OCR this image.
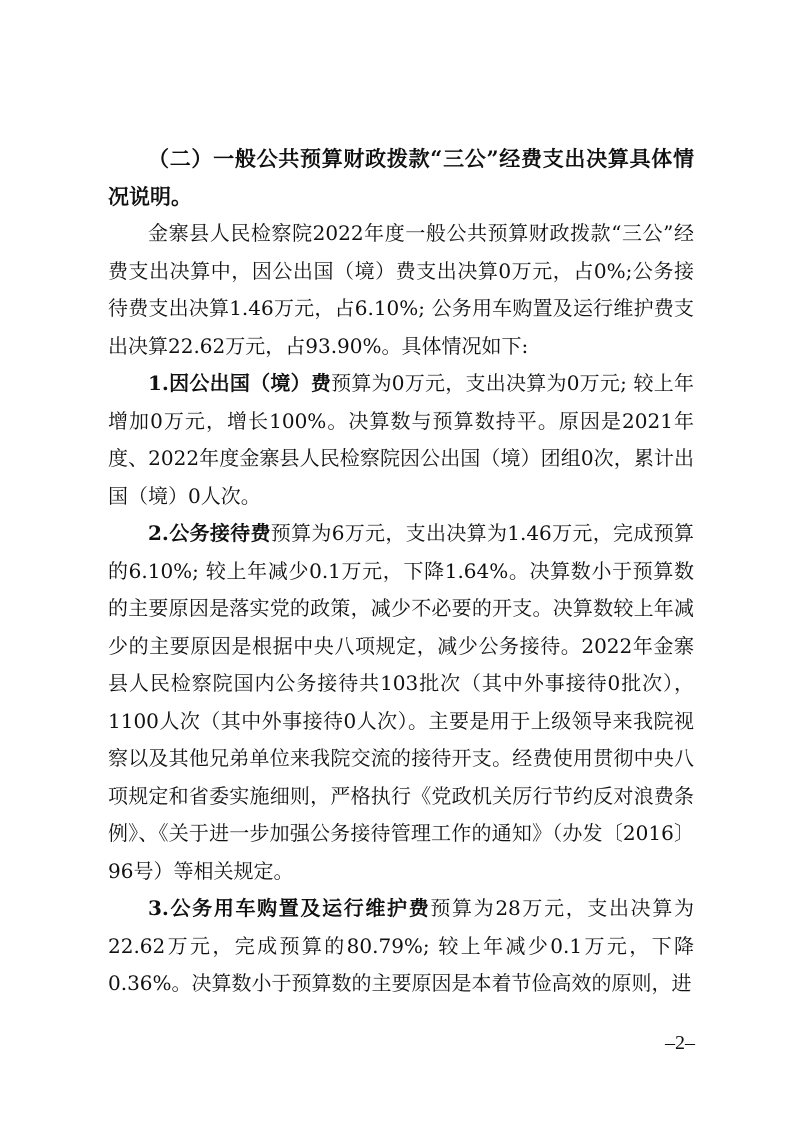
（二）一般公共预算财政拨款“三公”经费支出决算具体情况说明。

金寨县人民检察院2022年度一般公共预算财政拨款“三公”经费支出决算中，因公出国（境）费支出决算0万元，占0%;公务接待费支出决算1.46万元，占6.10%; 公务用车购置及运行维护费支出决算22.62万元，占93.90%。具体情况如下:

1.因公出国（境）费预算为0万元，支出决算为0万元; 较上年增加0万元，增长100%。决算数与预算数持平。原因是2021年度、2022年度金寨县人民检察院因公出国（境）团组0次，累计出国（境）0人次。

2.公务接待费预算为6万元，支出决算为1.46万元，完成预算的6.10%; 较上年减少0.1万元，下降1.64%。决算数小于预算数的主要原因是落实党的政策，减少不必要的开支。决算数较上年减少的主要原因是根据中央八项规定，减少公务接待。2022年金寨县人民检察院国内公务接待共103批次（其中外事接待0批次），1100人次（其中外事接待0人次）。主要是用于上级领导来我院视察以及其他兄弟单位来我院交流的接待开支。经费使用贯彻中央八项规定和省委实施细则，严格执行《党政机关厉行节约反对浪费条例》、《关于进一步加强公务接待管理工作的通知》（办发〔2016〕96号）等相关规定。

3.公务用车购置及运行维护费预算为28万元，支出决算为22.62万元，完成预算的80.79%; 较上年减少0.1万元，下降0.36%。决算数小于预算数的主要原因是本着节俭高效的原则，进

–2–
